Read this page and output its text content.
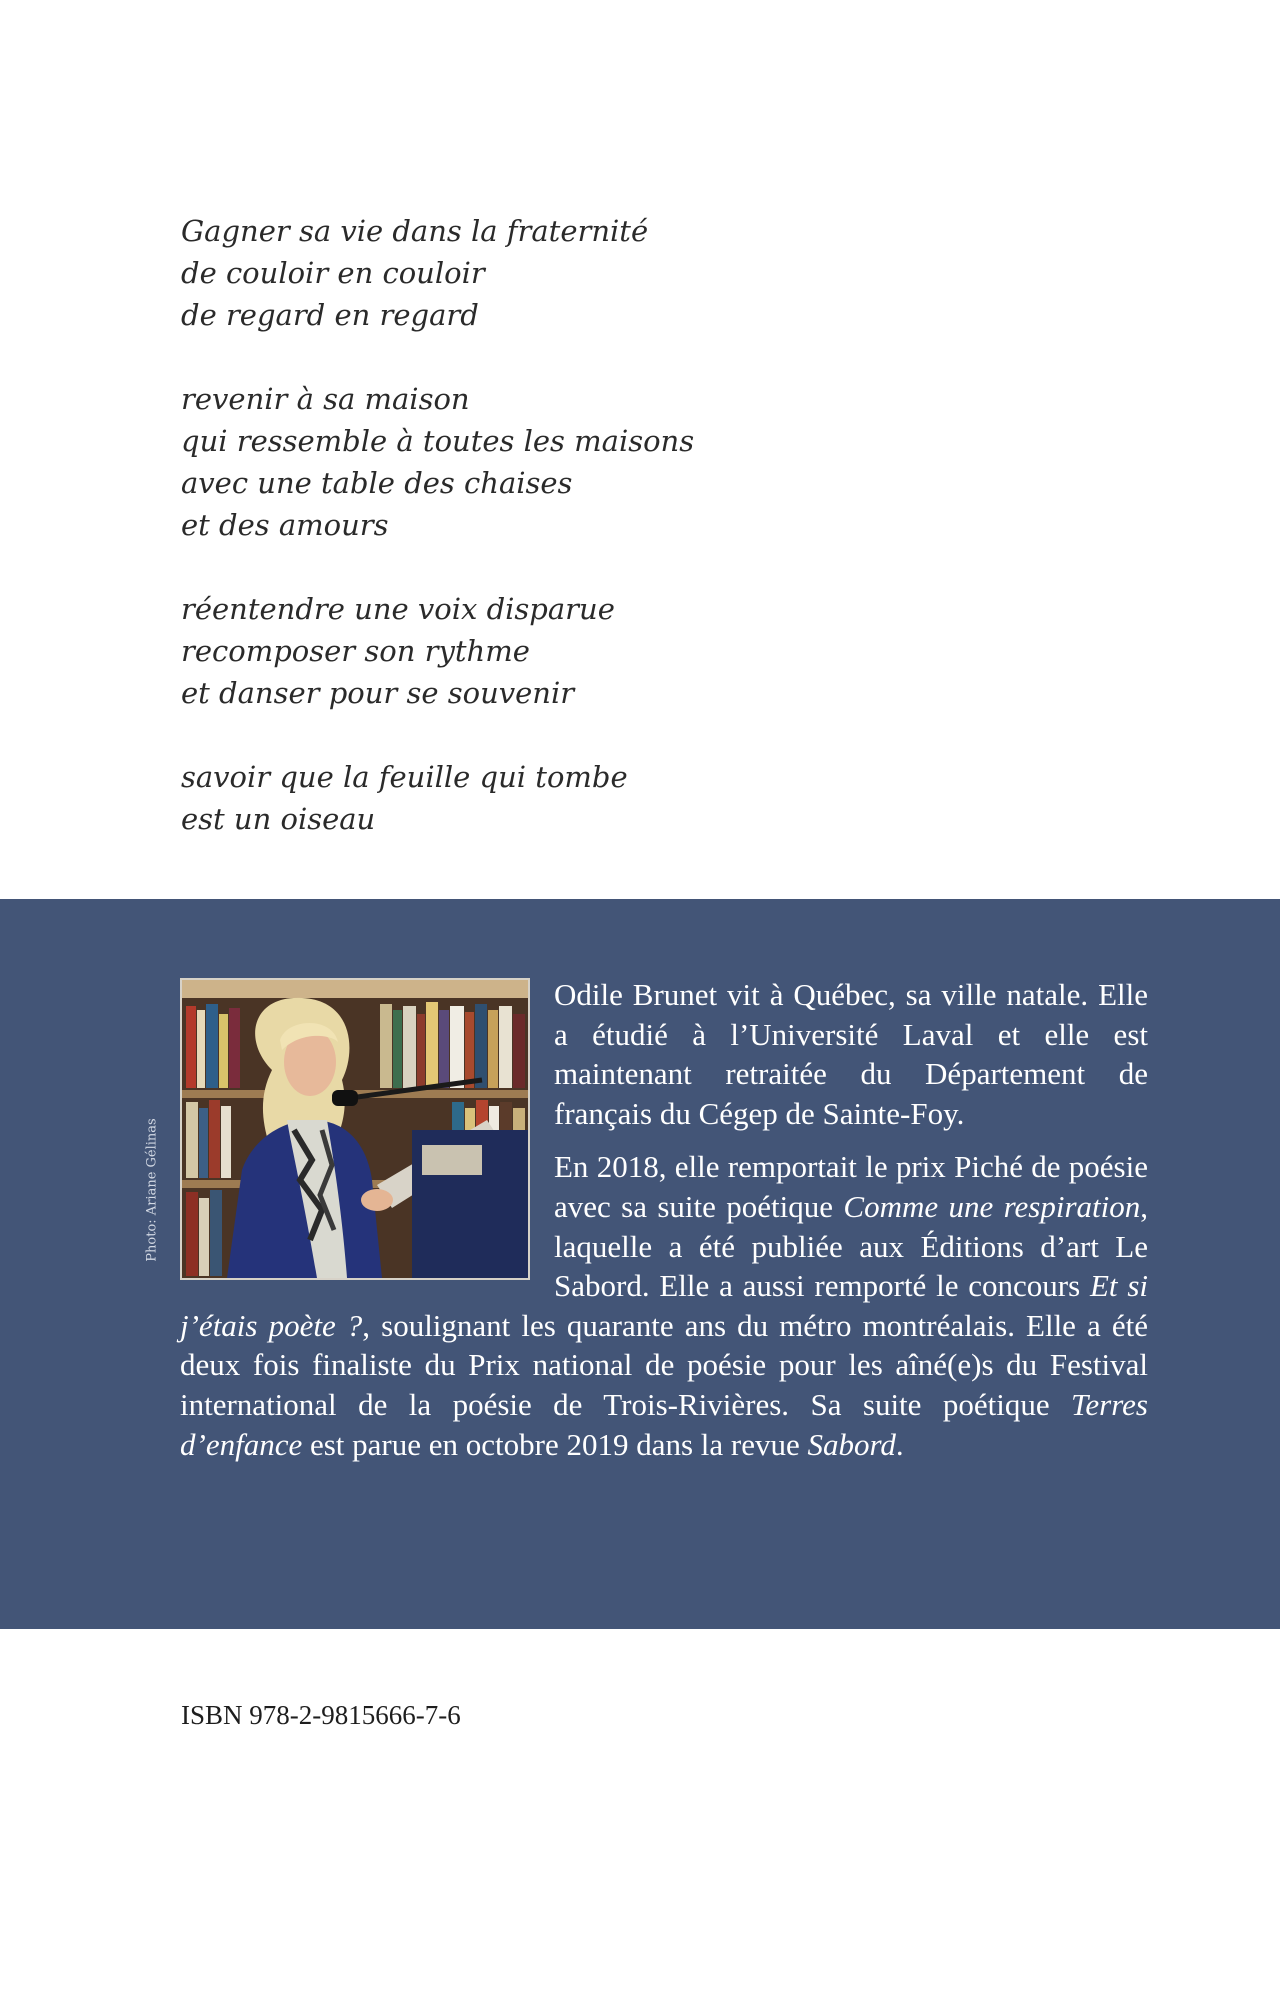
Gagner sa vie dans la fraternité
de couloir en couloir
de regard en regard
revenir à sa maison
qui ressemble à toutes les maisons
avec une table des chaises
et des amours
réentendre une voix disparue
recomposer son rythme
et danser pour se souvenir
savoir que la feuille qui tombe
est un oiseau
Photo: Ariane Gélinas

Odile Brunet vit à Québec, sa ville natale. Elle a étudié à l’Université Laval et elle est maintenant retraitée du Département de français du Cégep de Sainte-Foy.

En 2018, elle remportait le prix Piché de poésie avec sa suite poétique Comme une respiration, laquelle a été publiée aux Éditions d’art Le Sabord. Elle a aussi remporté le concours Et si j’étais poète ?, soulignant les quarante ans du métro montréalais. Elle a été deux fois finaliste du Prix national de poésie pour les aîné(e)s du Festival international de la poésie de Trois-Rivières. Sa suite poétique Terres d’enfance est parue en octobre 2019 dans la revue Sabord.

ISBN 978-2-9815666-7-6
